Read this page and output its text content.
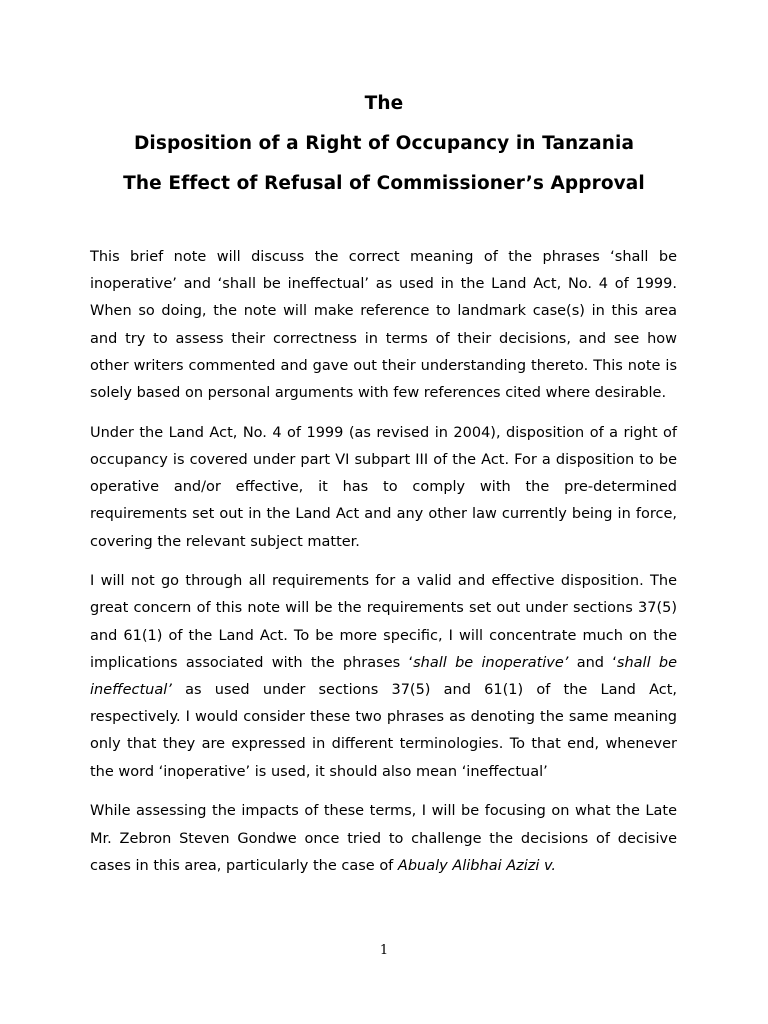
The
Disposition of a Right of Occupancy in Tanzania
The Effect of Refusal of Commissioner’s Approval

This brief note will discuss the correct meaning of the phrases ‘shall be inoperative’ and ‘shall be ineffectual’ as used in the Land Act, No. 4 of 1999. When so doing, the note will make reference to landmark case(s) in this area and try to assess their correctness in terms of their decisions, and see how other writers commented and gave out their understanding thereto. This note is solely based on personal arguments with few references cited where desirable.

Under the Land Act, No. 4 of 1999 (as revised in 2004), disposition of a right of occupancy is covered under part VI subpart III of the Act. For a disposition to be operative and/or effective, it has to comply with the pre-determined requirements set out in the Land Act and any other law currently being in force, covering the relevant subject matter.

I will not go through all requirements for a valid and effective disposition. The great concern of this note will be the requirements set out under sections 37(5) and 61(1) of the Land Act. To be more specific, I will concentrate much on the implications associated with the phrases ‘shall be inoperative’ and ‘shall be ineffectual’ as used under sections 37(5) and 61(1) of the Land Act, respectively. I would consider these two phrases as denoting the same meaning only that they are expressed in different terminologies. To that end, whenever the word ‘inoperative’ is used, it should also mean ‘ineffectual’

While assessing the impacts of these terms, I will be focusing on what the Late Mr. Zebron Steven Gondwe once tried to challenge the decisions of decisive cases in this area, particularly the case of Abualy Alibhai Azizi v.

1
